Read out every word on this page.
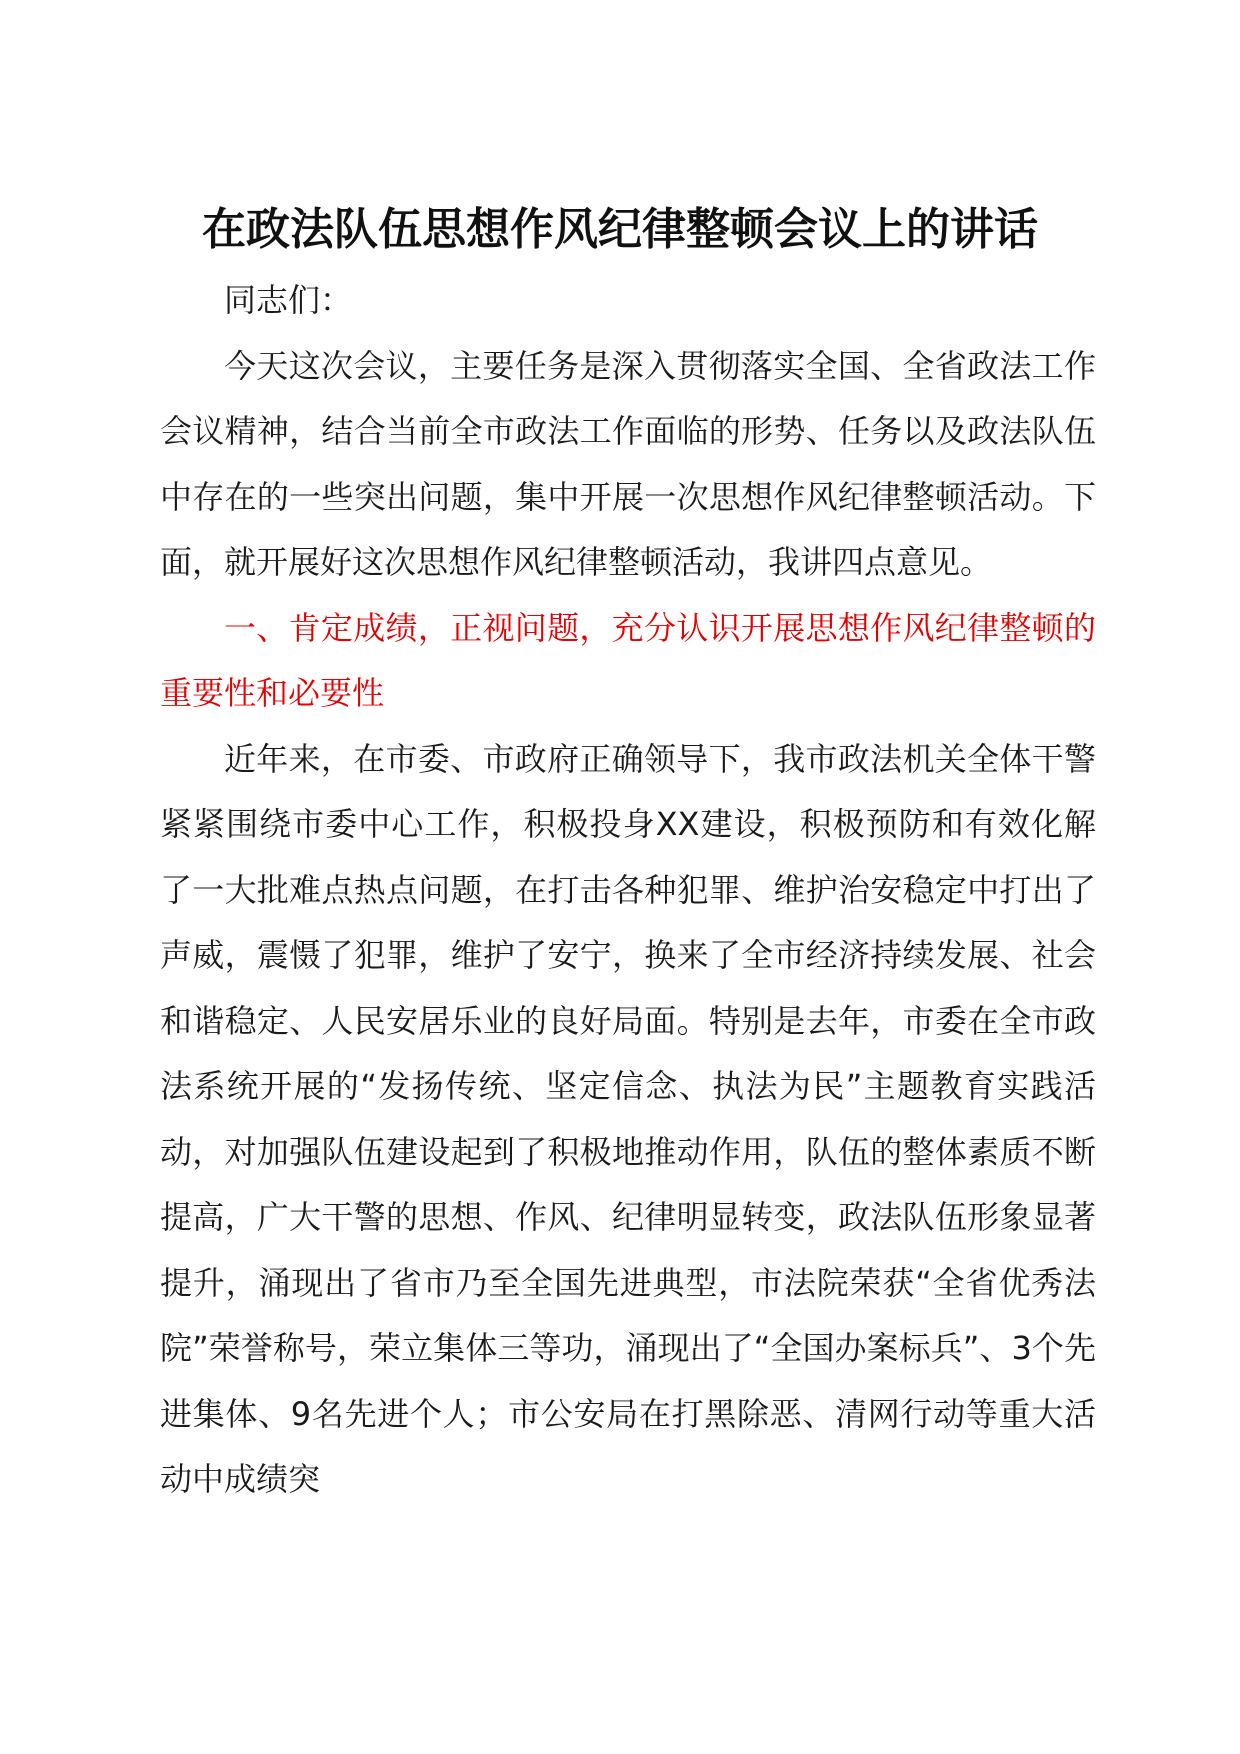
在政法队伍思想作风纪律整顿会议上的讲话

同志们：

今天这次会议，主要任务是深入贯彻落实全国、全省政法工作会议精神，结合当前全市政法工作面临的形势、任务以及政法队伍中存在的一些突出问题，集中开展一次思想作风纪律整顿活动。下面，就开展好这次思想作风纪律整顿活动，我讲四点意见。

一、肯定成绩，正视问题，充分认识开展思想作风纪律整顿的重要性和必要性

近年来，在市委、市政府正确领导下，我市政法机关全体干警紧紧围绕市委中心工作，积极投身XX建设，积极预防和有效化解了一大批难点热点问题，在打击各种犯罪、维护治安稳定中打出了声威，震慑了犯罪，维护了安宁，换来了全市经济持续发展、社会和谐稳定、人民安居乐业的良好局面。特别是去年，市委在全市政法系统开展的“发扬传统、坚定信念、执法为民”主题教育实践活动，对加强队伍建设起到了积极地推动作用，队伍的整体素质不断提高，广大干警的思想、作风、纪律明显转变，政法队伍形象显著提升，涌现出了省市乃至全国先进典型，市法院荣获“全省优秀法院”荣誉称号，荣立集体三等功，涌现出了“全国办案标兵”、3个先进集体、9名先进个人；市公安局在打黑除恶、清网行动等重大活动中成绩突
